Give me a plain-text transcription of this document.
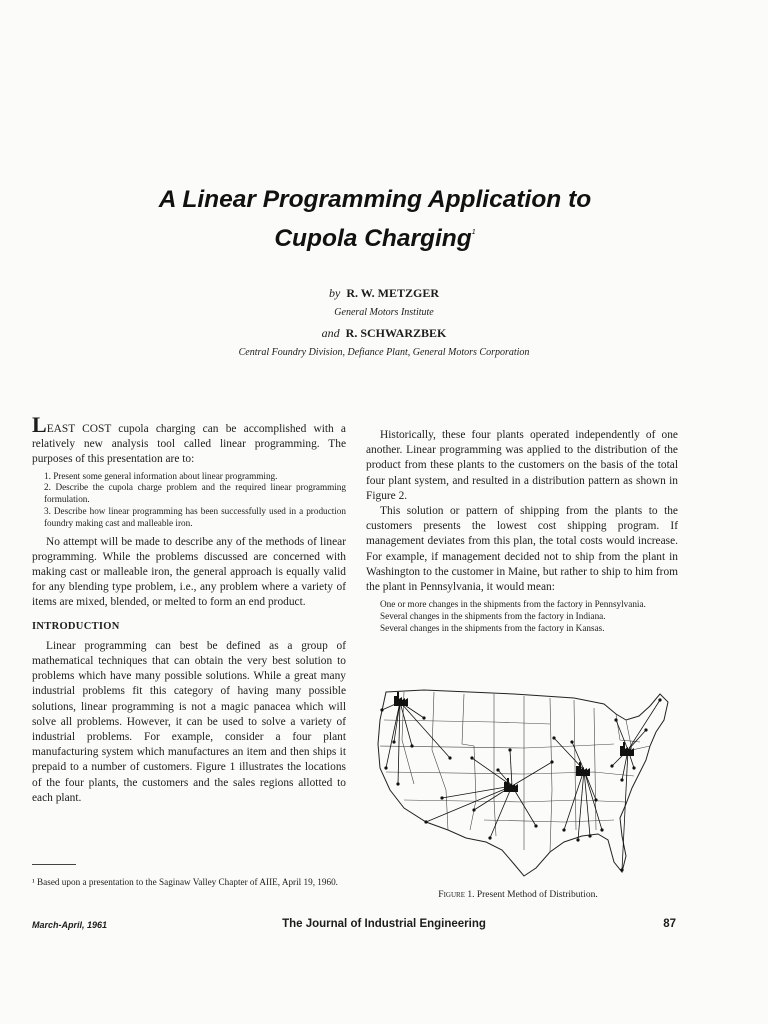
A Linear Programming Application to
Cupola Charging$^1$
by R. W. METZGER
General Motors Institute
and R. SCHWARZBEK
Central Foundry Division, Defiance Plant, General Motors Corporation

LEAST COST cupola charging can be accomplished with a relatively new analysis tool called linear programming. The purposes of this presentation are to:

1. Present some general information about linear programming.

2. Describe the cupola charge problem and the required linear programming formulation.

3. Describe how linear programming has been successfully used in a production foundry making cast and malleable iron.

No attempt will be made to describe any of the methods of linear programming. While the problems discussed are concerned with making cast or malleable iron, the general approach is equally valid for any blending type problem, i.e., any problem where a variety of items are mixed, blended, or melted to form an end product.

INTRODUCTION

Linear programming can best be defined as a group of mathematical techniques that can obtain the very best solution to problems which have many possible solutions. While a great many industrial problems fit this category of having many possible solutions, linear programming is not a magic panacea which will solve all problems. However, it can be used to solve a variety of industrial problems. For example, consider a four plant manufacturing system which manufactures an item and then ships it prepaid to a number of customers. Figure 1 illustrates the locations of the four plants, the customers and the sales regions allotted to each plant.

Historically, these four plants operated independently of one another. Linear programming was applied to the distribution of the product from these plants to the customers on the basis of the total four plant system, and resulted in a distribution pattern as shown in Figure 2.

This solution or pattern of shipping from the plants to the customers presents the lowest cost shipping program. If management deviates from this plan, the total costs would increase. For example, if management decided not to ship from the plant in Washington to the customer in Maine, but rather to ship to him from the plant in Pennsylvania, it would mean:

One or more changes in the shipments from the factory in Pennsylvania.

Several changes in the shipments from the factory in Indiana.

Several changes in the shipments from the factory in Kansas.

Figure 1. Present Method of Distribution.
¹ Based upon a presentation to the Saginaw Valley Chapter of AIIE, April 19, 1960.
March-April, 1961	The Journal of Industrial Engineering	87
